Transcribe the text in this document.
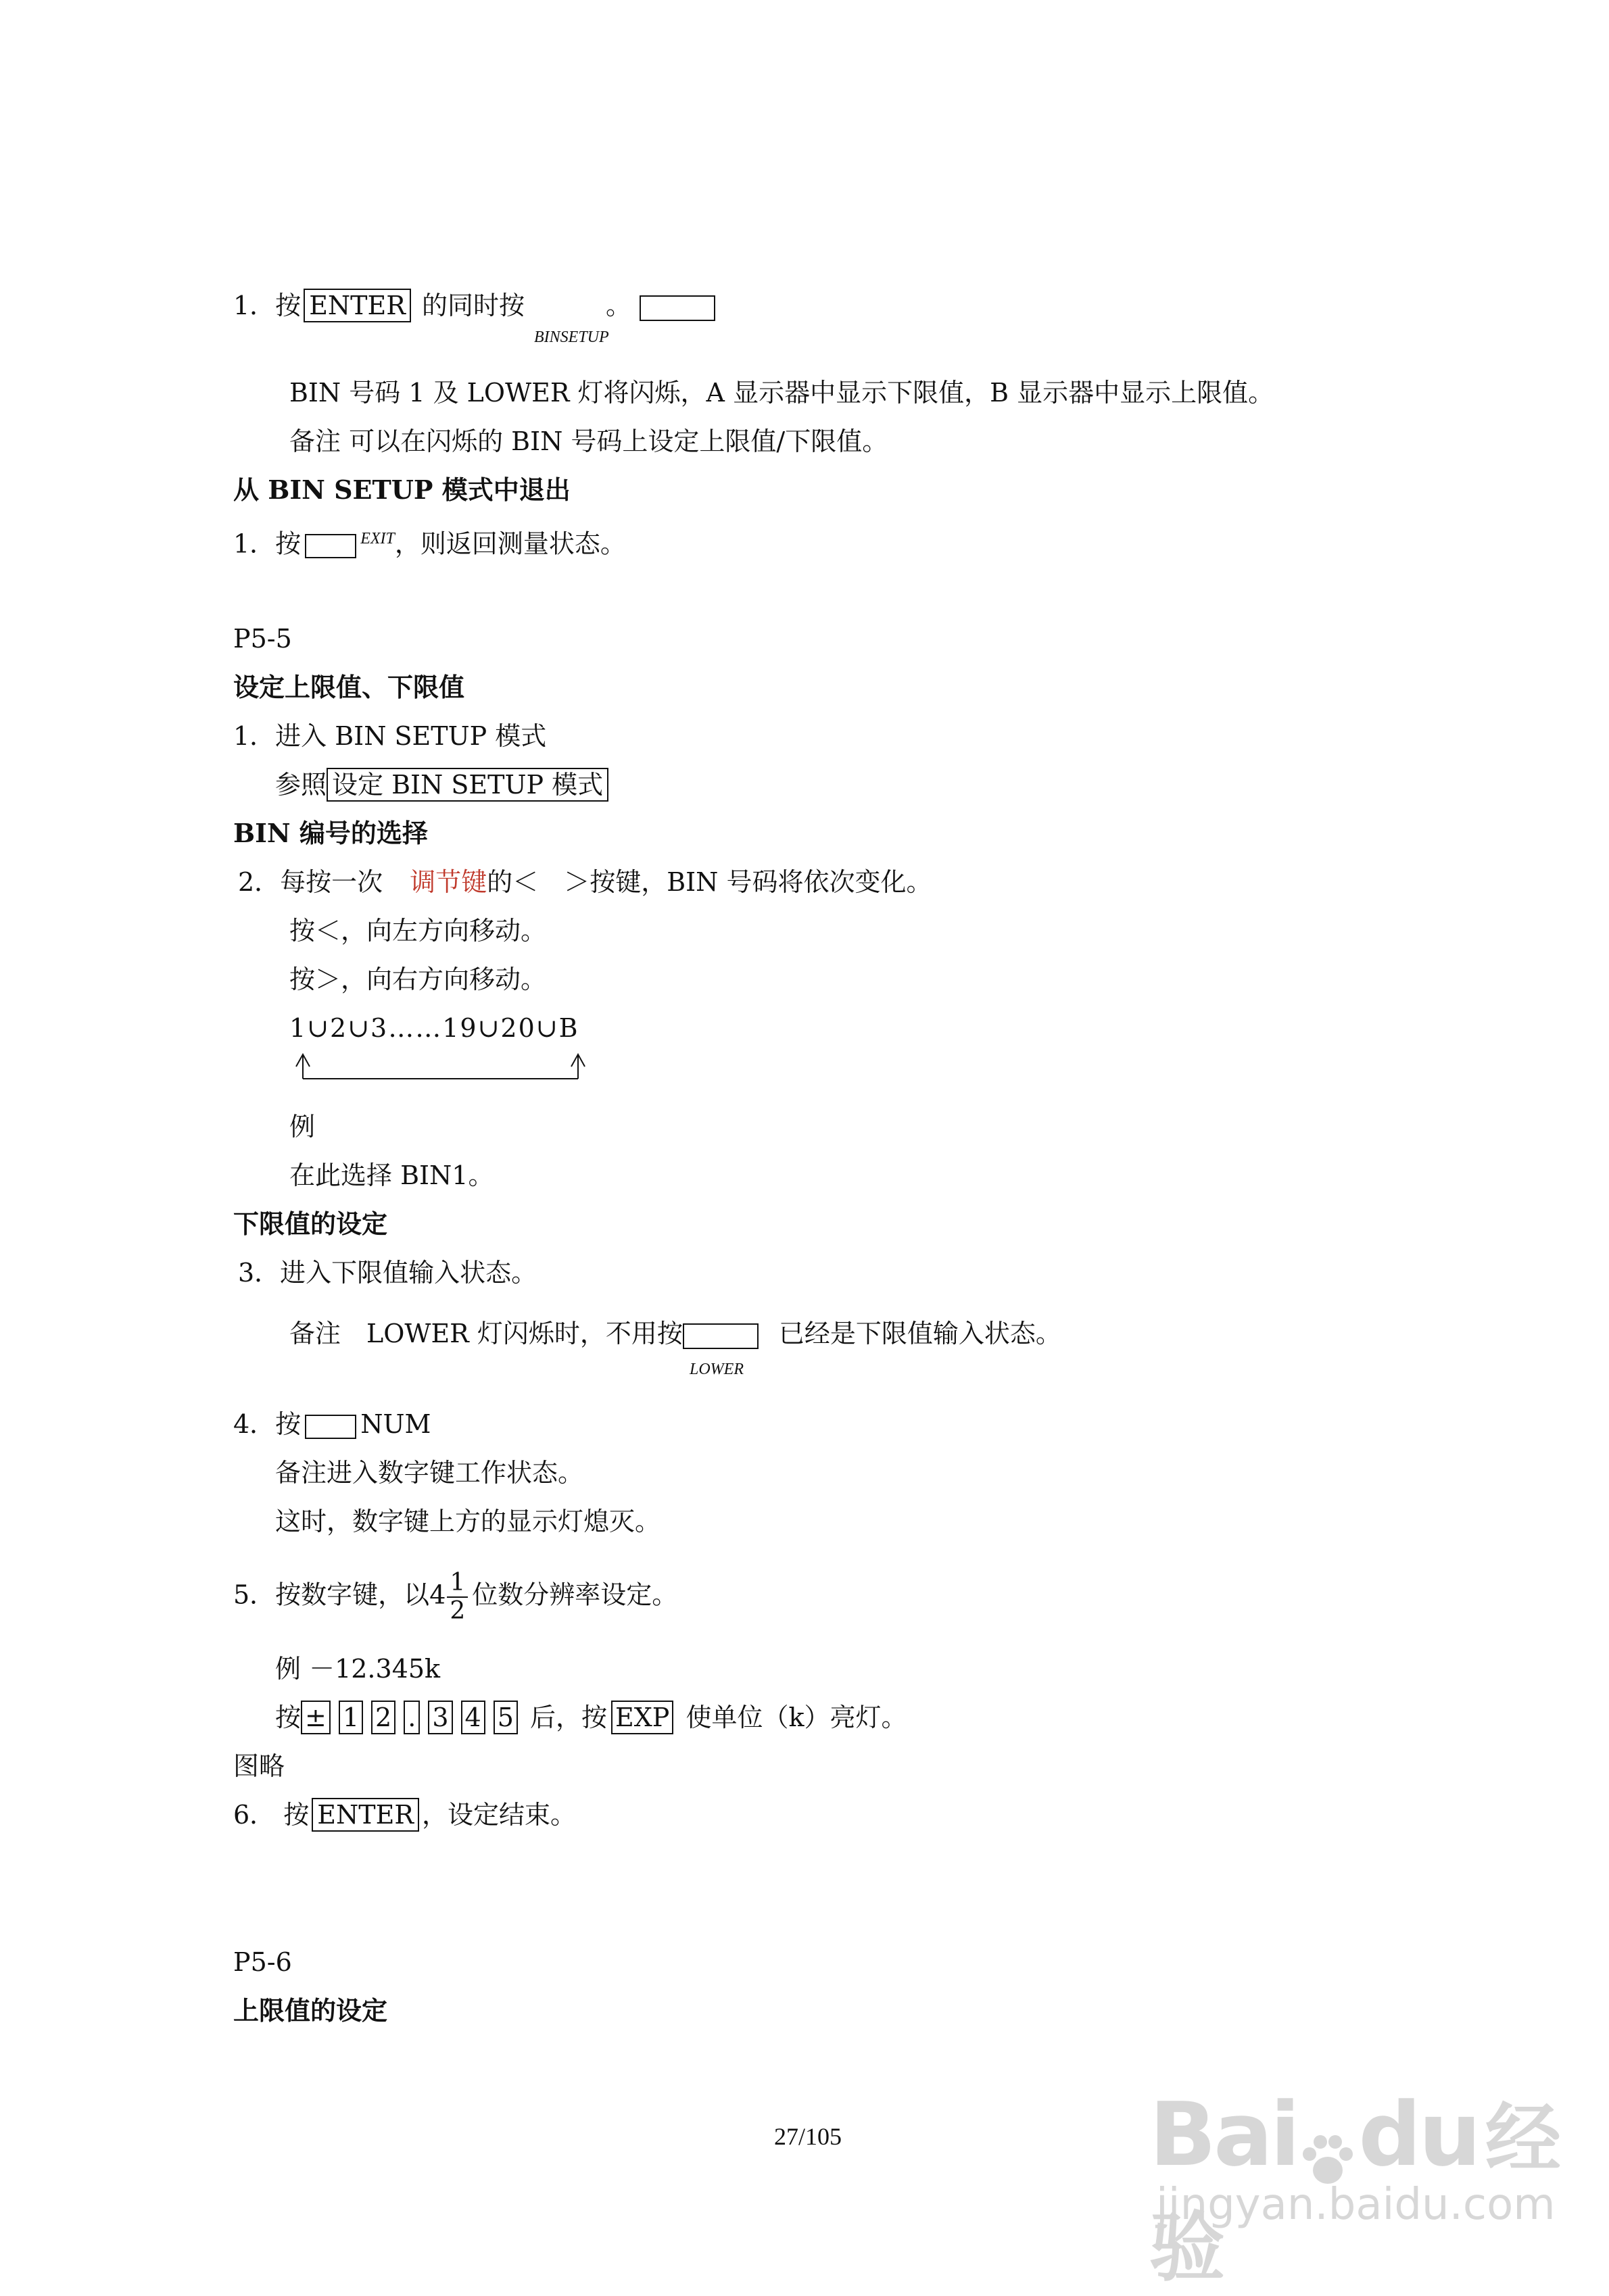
1．按 ENTER 的同时按	。
BINSETUP
BIN 号码 1 及 LOWER 灯将闪烁，A 显示器中显示下限值，B 显示器中显示上限值。
备注 可以在闪烁的 BIN 号码上设定上限值/下限值。
从 BIN SETUP 模式中退出
1．按	$^{EXIT}$，则返回测量状态。
P5-5
设定上限值、下限值
1．进入 BIN SETUP 模式
参照 设定 BIN SETUP 模式
BIN 编号的选择
2．每按一次 调节键的＜　＞按键，BIN 号码将依次变化。
按＜，向左方向移动。
按＞，向右方向移动。
1∪2∪3……19∪20∪B
例
在此选择 BIN1。
下限值的设定
3．进入下限值输入状态。
备注　LOWER 灯闪烁时，不用按	已经是下限值输入状态。
LOWER
4．按 NUM
备注进入数字键工作状态。
这时，数字键上方的显示灯熄灭。
5．按数字键，以$4 \frac{1}{2}$ 位数分辨率设定。
例 －12.345k
按 ± 1 2 . 3 4 5 后，按 EXP 使单位（k）亮灯。
图略
6． 按 ENTER ，设定结束。
P5-6
上限值的设定
27/105	Bai du经验
jingyan.baidu.com
